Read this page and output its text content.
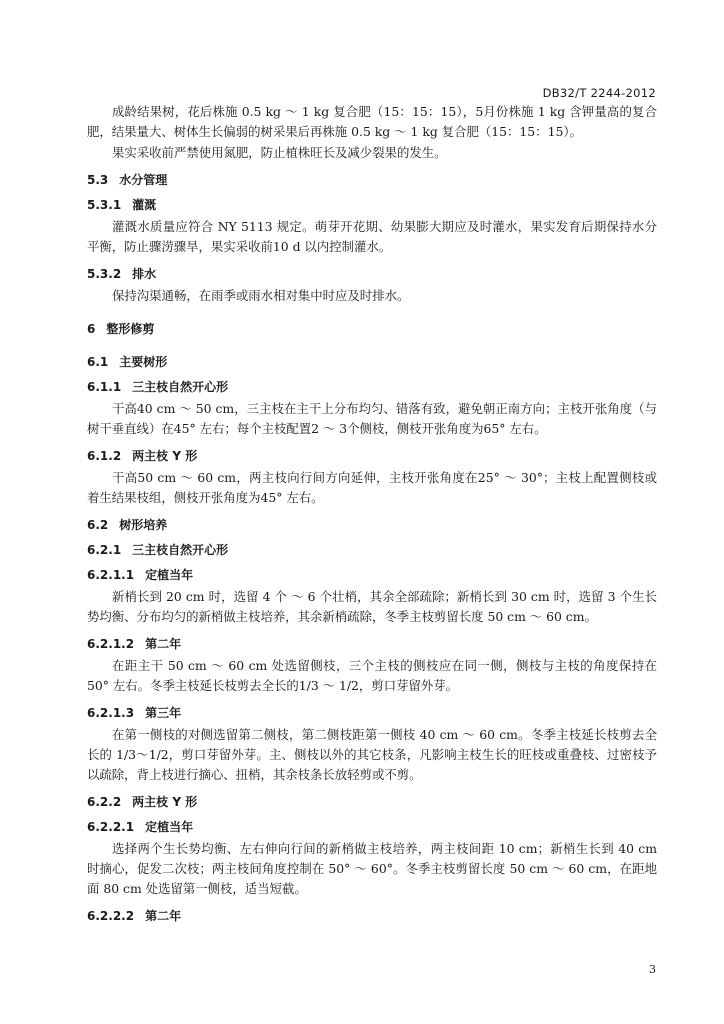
DB32/T 2244-2012

成龄结果树，花后株施 0.5 kg ～ 1 kg 复合肥（15：15：15），5月份株施 1 kg 含钾量高的复合肥，结果量大、树体生长偏弱的树采果后再株施 0.5 kg ～ 1 kg 复合肥（15：15：15）。

果实采收前严禁使用氮肥，防止植株旺长及减少裂果的发生。

5.3 水分管理
5.3.1 灌溉

灌溉水质量应符合 NY 5113 规定。萌芽开花期、幼果膨大期应及时灌水，果实发育后期保持水分平衡，防止骤涝骤旱，果实采收前10 d 以内控制灌水。

5.3.2 排水

保持沟渠通畅，在雨季或雨水相对集中时应及时排水。

6 整形修剪
6.1 主要树形
6.1.1 三主枝自然开心形

干高40 cm ～ 50 cm，三主枝在主干上分布均匀、错落有致，避免朝正南方向；主枝开张角度（与树干垂直线）在45° 左右；每个主枝配置2 ～ 3个侧枝，侧枝开张角度为65° 左右。

6.1.2 两主枝 Y 形

干高50 cm ～ 60 cm，两主枝向行间方向延伸，主枝开张角度在25° ～ 30°；主枝上配置侧枝或着生结果枝组，侧枝开张角度为45° 左右。

6.2 树形培养
6.2.1 三主枝自然开心形
6.2.1.1 定植当年

新梢长到 20 cm 时，选留 4 个 ～ 6 个壮梢，其余全部疏除；新梢长到 30 cm 时，选留 3 个生长势均衡、分布均匀的新梢做主枝培养，其余新梢疏除，冬季主枝剪留长度 50 cm ～ 60 cm。

6.2.1.2 第二年

在距主干 50 cm ～ 60 cm 处选留侧枝，三个主枝的侧枝应在同一侧，侧枝与主枝的角度保持在 50° 左右。冬季主枝延长枝剪去全长的1/3 ～ 1/2，剪口芽留外芽。

6.2.1.3 第三年

在第一侧枝的对侧选留第二侧枝，第二侧枝距第一侧枝 40 cm ～ 60 cm。冬季主枝延长枝剪去全长的 1/3～1/2，剪口芽留外芽。主、侧枝以外的其它枝条，凡影响主枝生长的旺枝或重叠枝、过密枝予以疏除，背上枝进行摘心、扭梢，其余枝条长放轻剪或不剪。

6.2.2 两主枝 Y 形
6.2.2.1 定植当年

选择两个生长势均衡、左右伸向行间的新梢做主枝培养，两主枝间距 10 cm；新梢生长到 40 cm 时摘心，促发二次枝；两主枝间角度控制在 50° ～ 60°。冬季主枝剪留长度 50 cm ～ 60 cm，在距地面 80 cm 处选留第一侧枝，适当短截。

6.2.2.2 第二年
3
